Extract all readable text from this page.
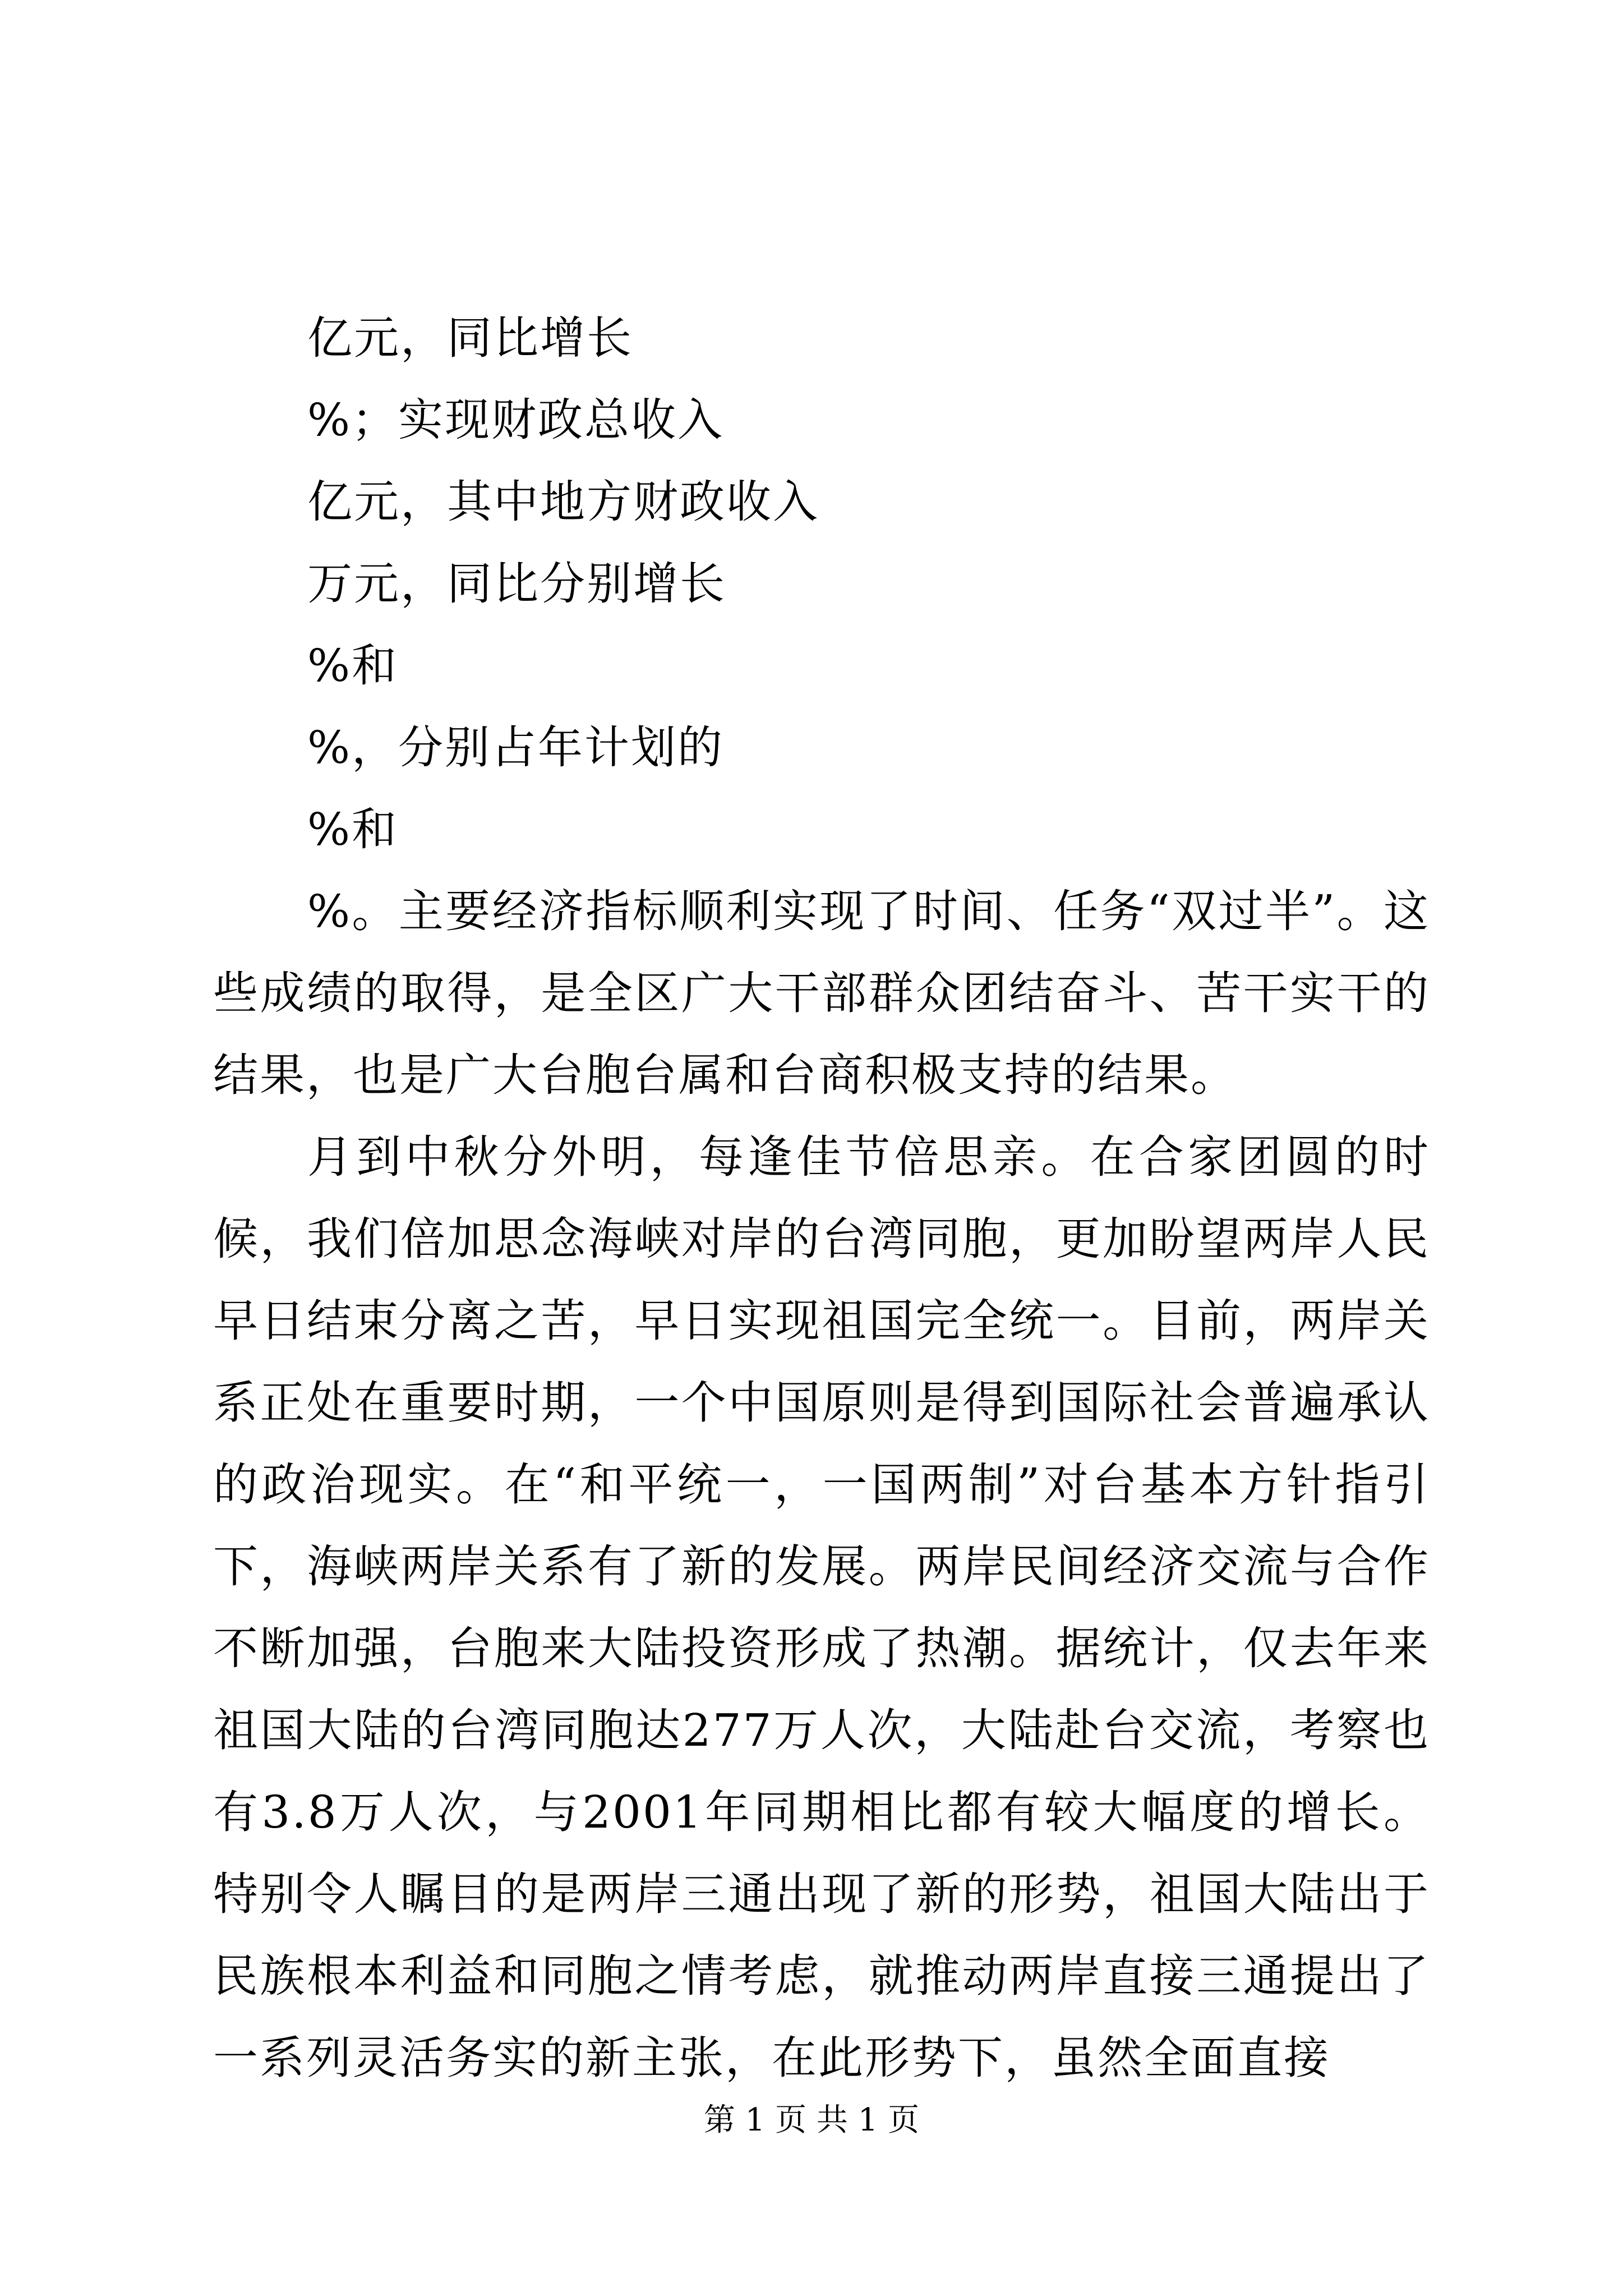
亿元，同比增长
%；实现财政总收入
亿元，其中地方财政收入
万元，同比分别增长
%和
%，分别占年计划的
%和

%。主要经济指标顺利实现了时间、任务“双过半”。这些成绩的取得，是全区广大干部群众团结奋斗、苦干实干的结果，也是广大台胞台属和台商积极支持的结果。

月到中秋分外明，每逢佳节倍思亲。在合家团圆的时候，我们倍加思念海峡对岸的台湾同胞，更加盼望两岸人民早日结束分离之苦，早日实现祖国完全统一。目前，两岸关系正处在重要时期，一个中国原则是得到国际社会普遍承认的政治现实。在“和平统一，一国两制”对台基本方针指引下，海峡两岸关系有了新的发展。两岸民间经济交流与合作不断加强，台胞来大陆投资形成了热潮。据统计，仅去年来祖国大陆的台湾同胞达277万人次，大陆赴台交流，考察也有3.8万人次，与2001年同期相比都有较大幅度的增长。特别令人瞩目的是两岸三通出现了新的形势，祖国大陆出于民族根本利益和同胞之情考虑，就推动两岸直接三通提出了一系列灵活务实的新主张，在此形势下，虽然全面直接

第 1 页 共 1 页
